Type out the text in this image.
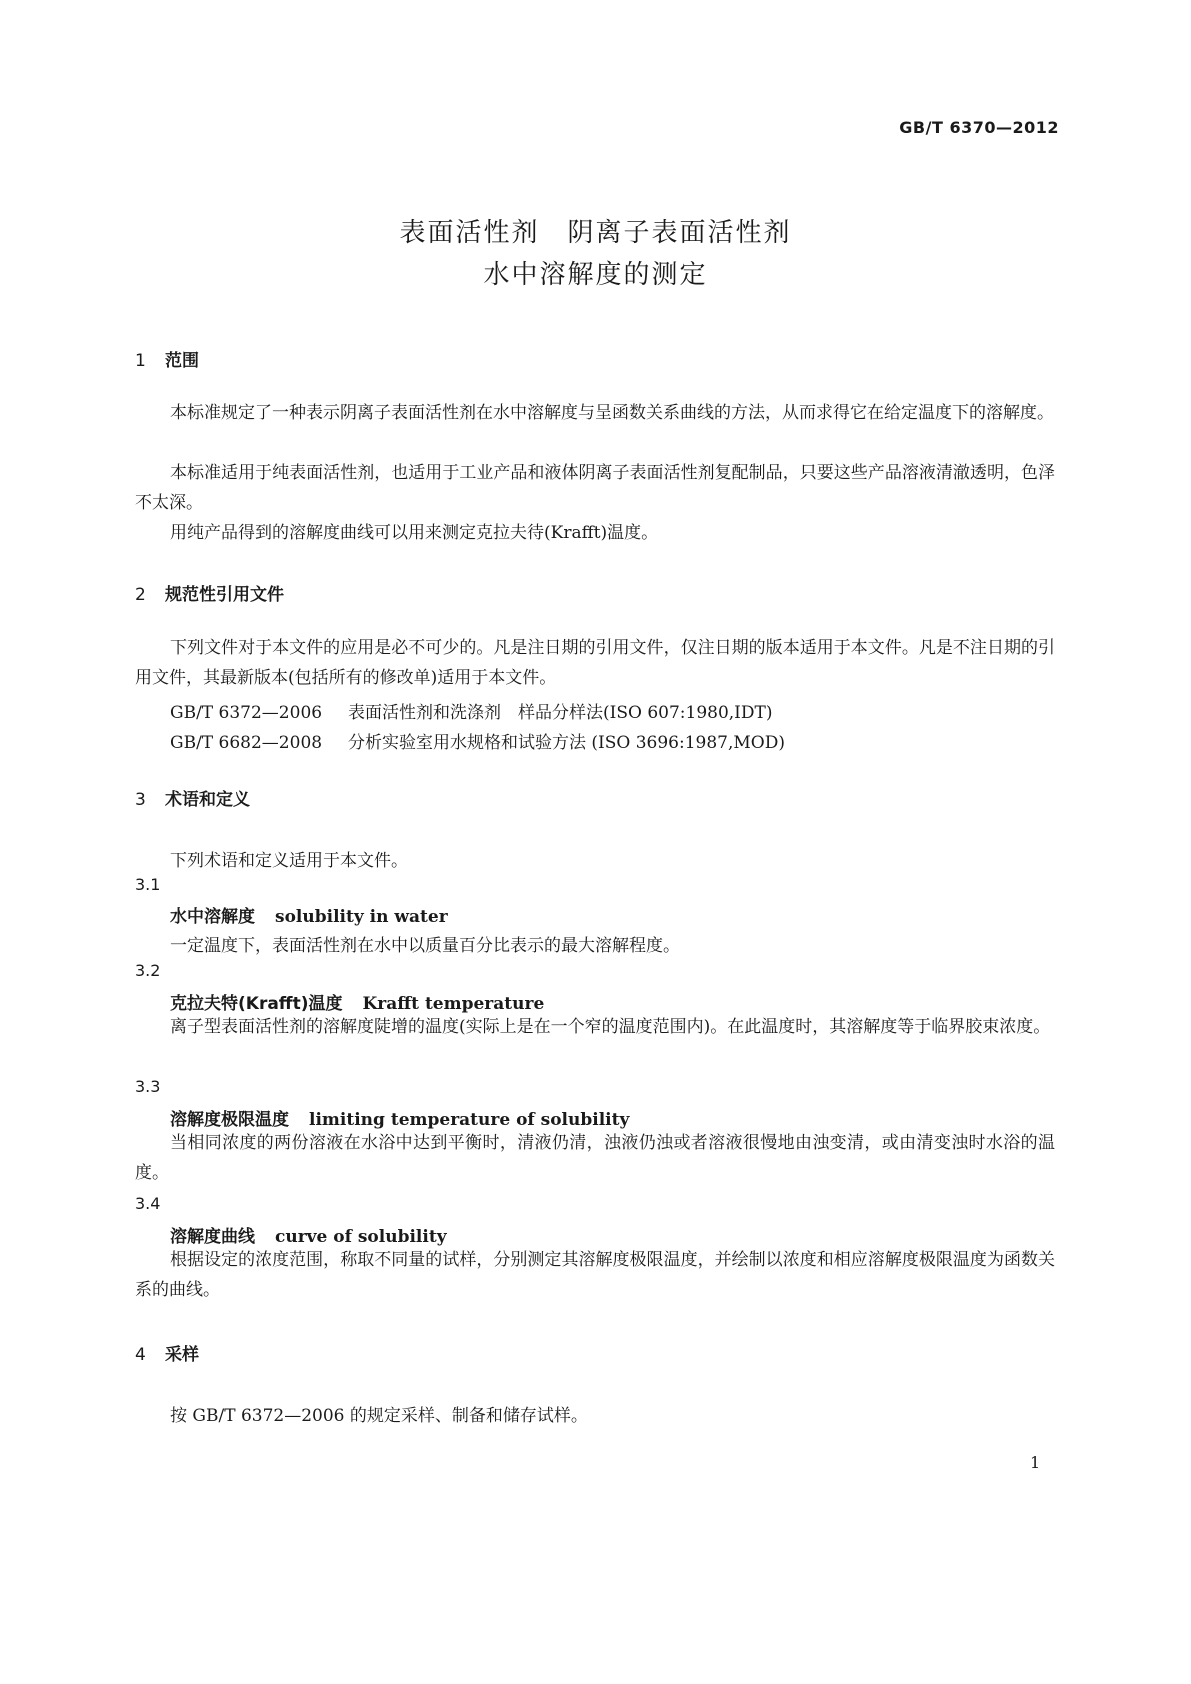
GB/T 6370—2012
表面活性剂　阴离子表面活性剂
水中溶解度的测定
1 范围

本标准规定了一种表示阴离子表面活性剂在水中溶解度与呈函数关系曲线的方法，从而求得它在给定温度下的溶解度。

本标准适用于纯表面活性剂，也适用于工业产品和液体阴离子表面活性剂复配制品，只要这些产品溶液清澈透明，色泽不太深。

用纯产品得到的溶解度曲线可以用来测定克拉夫待(Krafft)温度。

2 规范性引用文件

下列文件对于本文件的应用是必不可少的。凡是注日期的引用文件，仅注日期的版本适用于本文件。凡是不注日期的引用文件，其最新版本(包括所有的修改单)适用于本文件。

GB/T 6372—2006 表面活性剂和洗涤剂　样品分样法(ISO 607:1980,IDT)
GB/T 6682—2008 分析实验室用水规格和试验方法 (ISO 3696:1987,MOD)
3 术语和定义
下列术语和定义适用于本文件。
3.1
水中溶解度 solubility in water
一定温度下，表面活性剂在水中以质量百分比表示的最大溶解程度。
3.2
克拉夫特(Krafft)温度 Krafft temperature

离子型表面活性剂的溶解度陡增的温度(实际上是在一个窄的温度范围内)。在此温度时，其溶解度等于临界胶束浓度。

3.3
溶解度极限温度 limiting temperature of solubility

当相同浓度的两份溶液在水浴中达到平衡时，清液仍清，浊液仍浊或者溶液很慢地由浊变清，或由清变浊时水浴的温度。

3.4
溶解度曲线 curve of solubility

根据设定的浓度范围，称取不同量的试样，分别测定其溶解度极限温度，并绘制以浓度和相应溶解度极限温度为函数关系的曲线。

4 采样
按 GB/T 6372—2006 的规定采样、制备和储存试样。
1
